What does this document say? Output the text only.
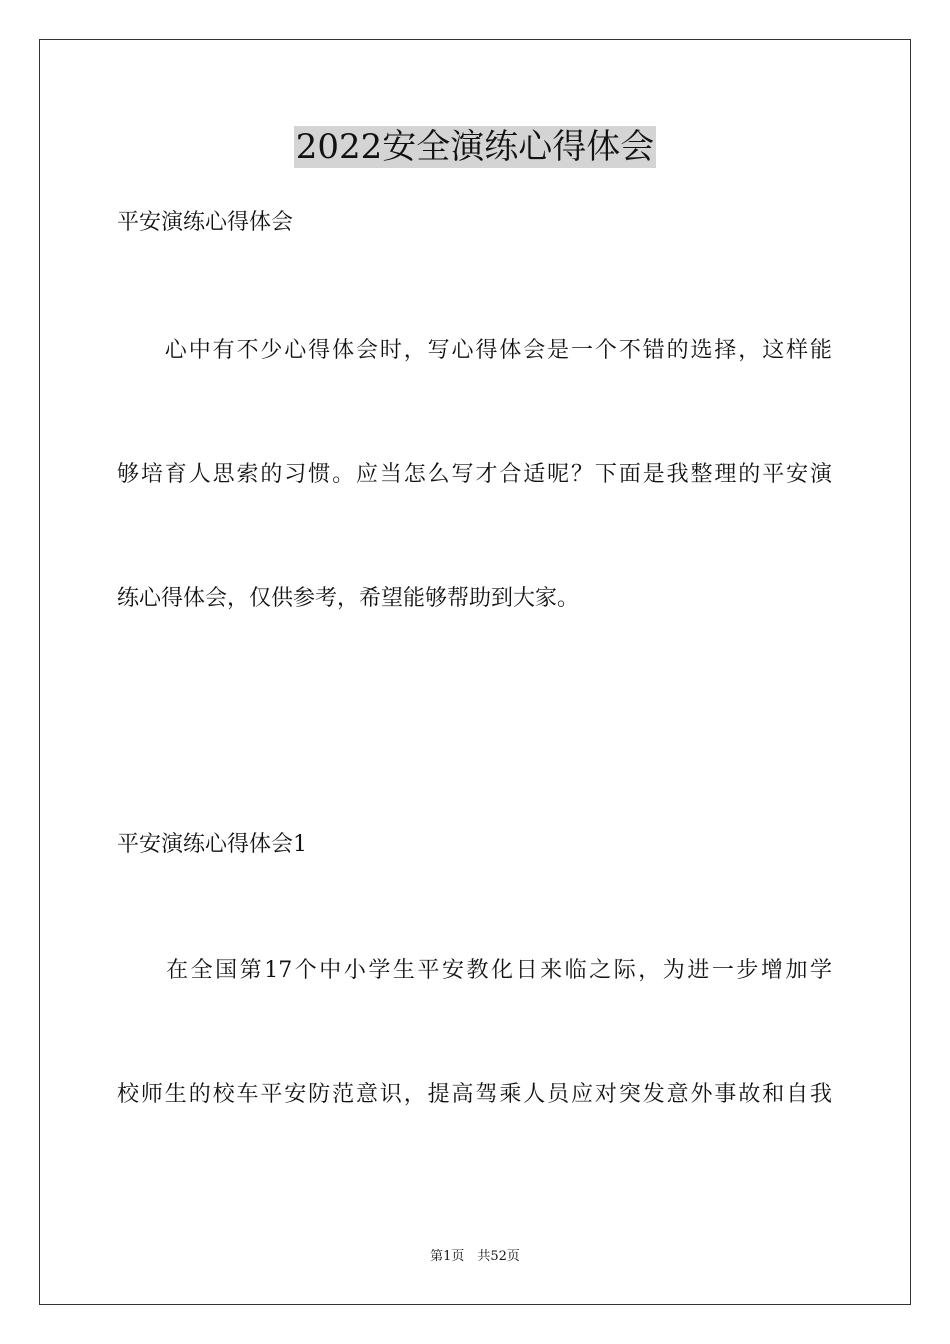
2022安全演练心得体会
平安演练心得体会
　　心中有不少心得体会时，写心得体会是一个不错的选择，这样能
够培育人思索的习惯。应当怎么写才合适呢？下面是我整理的平安演
练心得体会，仅供参考，希望能够帮助到大家。
平安演练心得体会1
　　在全国第17个中小学生平安教化日来临之际，为进一步增加学
校师生的校车平安防范意识，提高驾乘人员应对突发意外事故和自我
第1页　共52页
